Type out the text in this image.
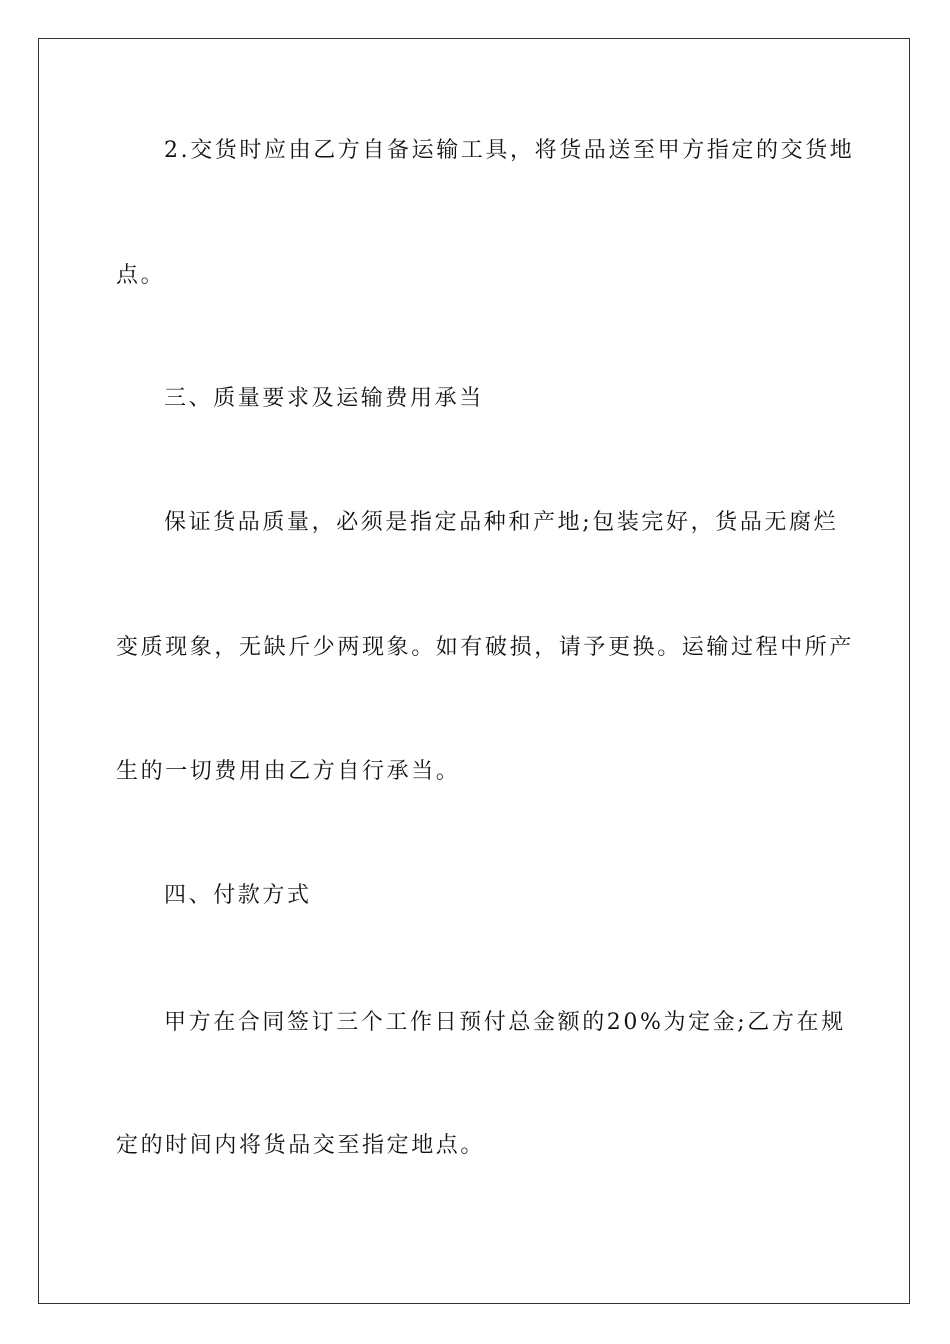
2.交货时应由乙方自备运输工具，将货品送至甲方指定的交货地

点。

三、质量要求及运输费用承当

保证货品质量，必须是指定品种和产地;包装完好，货品无腐烂

变质现象，无缺斤少两现象。如有破损，请予更换。运输过程中所产

生的一切费用由乙方自行承当。

四、付款方式

甲方在合同签订三个工作日预付总金额的20%为定金;乙方在规

定的时间内将货品交至指定地点。
